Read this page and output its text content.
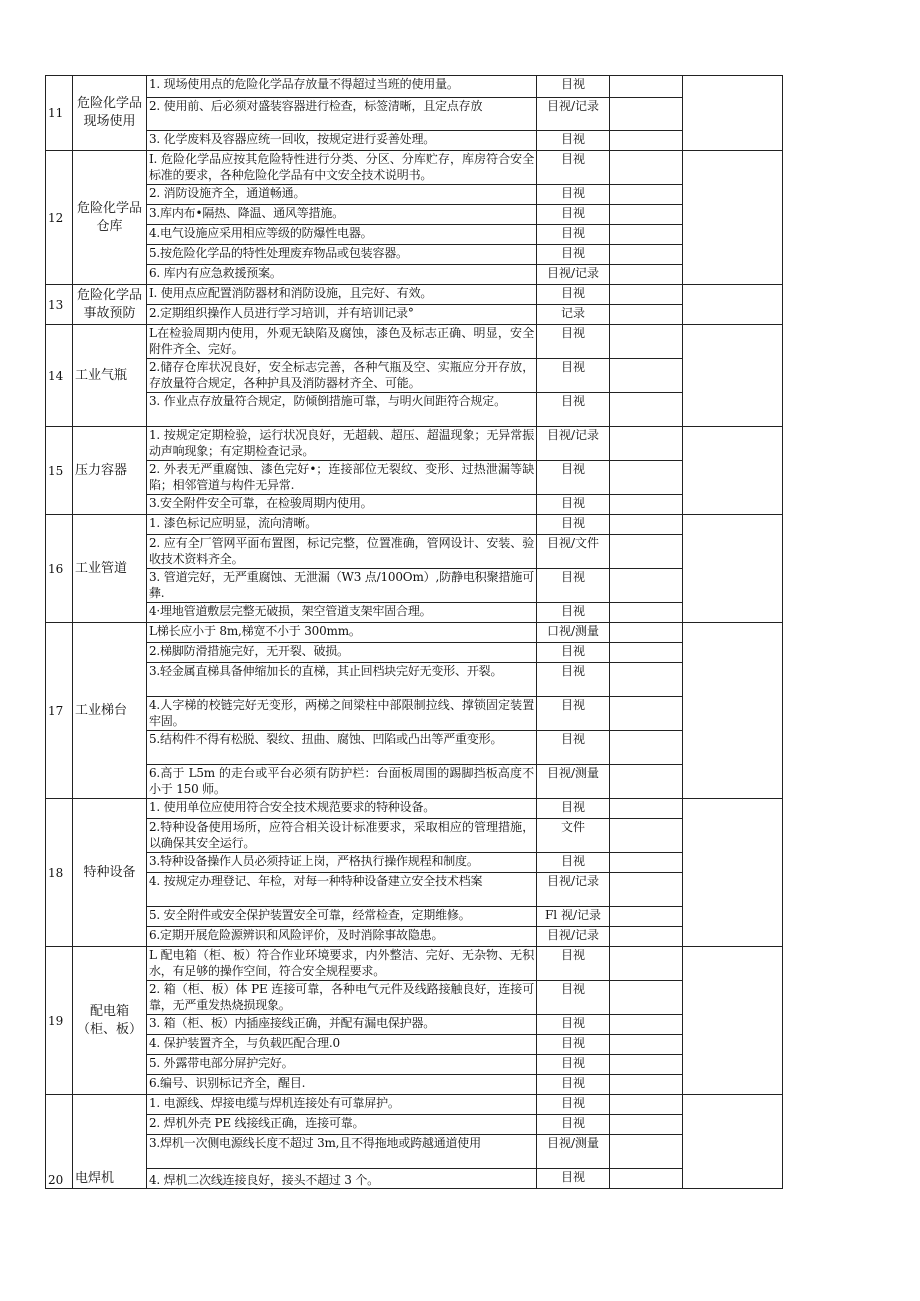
11	危险化学品现场使用	1. 现场使用点的危险化学品存放量不得超过当班的使用量。	目视		
		2. 使用前、后必须对盛装容器进行检查，标签清晰，且定点存放	目视/记录		
		3. 化学废料及容器应统一回收，按规定进行妥善处理。	目视		
12	危险化学品仓库	I. 危险化学品应按其危险特性进行分类、分区、分库贮存，库房符合安全标准的要求，各种危险化学品有中文安全技术说明书。	目视		
		2. 消防设施齐全，通道畅通。	目视		
		3.库内布•隔热、降温、通风等措施。	目视		
		4.电气设施应采用相应等级的防爆性电器。	目视		
		5.按危险化学品的特性处理废弃物品或包装容器。	目视		
		6. 库内有应急救援预案。	目视/记录		
13	危险化学品事故预防	I. 使用点应配置消防器材和消防设施，且完好、有效。	目视		
		2.定期组织操作人员进行学习培训，并有培训记录°	记录		
14	工业气瓶	L在检验周期内使用，外观无缺陷及腐蚀，漆色及标志正确、明显，安全附件齐全、完好。	目视		
		2.储存仓库状况良好，安全标志完善，各种气瓶及空、实瓶应分开存放，存放量符合规定，各种护具及消防器材齐全、可能。	目视		
		3. 作业点存放量符合规定，防倾倒措施可靠，与明火间距符合规定。	目视		
15	压力容器	1. 按规定定期检验，运行状况良好，无超载、超压、超温现象；无异常振动声响现象；有定期检查记录。	目视/记录		
		2. 外表无严重腐蚀、漆色完好•；连接部位无裂纹、变形、过热泄漏等缺陷；相邻管道与构件无异常.	目视		
		3.安全附件安全可靠，在检骏周期内使用。	目视		
16	工业管道	1. 漆色标记应明显，流向清晰。	目视		
		2. 应有全厂管网平面布置图，标记完整，位置准确，管网设计、安装、验收技术资料齐全。	目视/文件		
		3. 管道完好，无严重腐蚀、无泄漏（W3 点/100Om）,防静电积聚措施可彝.	目视		
		4·埋地管道敷层完整无破损，架空管道支架牢固合理。	目视		
17	工业梯台	L梯长应小于 8m,梯宽不小于 300mm。	口视/测量		
		2.梯脚防滑措施完好，无开裂、破损。	目视		
		3.轻金属直梯具备伸缩加长的直梯，其止回档块完好无变形、开裂。	目视		
		4.人字梯的校链完好无变形，两梯之间梁柱中部限制拉线、撑锁固定装置牢固。	目视		
		5.结构件不得有松脱、裂纹、扭曲、腐蚀、凹陷或凸出等严重变形。	目视		
		6.高于 L5m 的走台或平台必须有防护栏：台面板周围的踢脚挡板高度不小于 150 师。	目视/测量		
18	特种设备	1. 使用单位应使用符合安全技术规范要求的特种设备。	目视		
		2.特种设备使用场所，应符合相关设计标准要求，采取相应的管理措施，以确保其安全运行。	文件		
		3.特种设备操作人员必须持证上岗，严格执行操作规程和制度。	目视		
		4. 按规定办理登记、年检，对每一种特种设备建立安全技术档案	目视/记录		
		5. 安全附件或安全保护装置安全可靠，经常检查，定期维修。	Fl 视/记录		
		6.定期开展危险源辨识和风险评价，及时消除事故隐患。	目视/记录		
19	配电箱（柜、板）	L 配电箱（柜、板）符合作业环境要求，内外整洁、完好、无杂物、无积水，有足够的操作空间，符合安全规程要求。	目视		
		2. 箱（柜、板）体 PE 连接可靠，各种电气元件及线路接触良好，连接可靠，无严重发热烧损现象。	目视		
		3. 箱（柜、板）内插座接线正确，并配有漏电保护器。	目视		
		4. 保护装置齐全，与负载匹配合理.0	目视		
		5. 外露带电部分屏护完好。	目视		
		6.编号、识别标记齐全，醒目.	目视		
20	电焊机	1. 电源线、焊接电缆与焊机连接处有可靠屏护。	目视		
		2. 焊机外壳 PE 线接线正确，连接可靠。	目视		
		3.焊机一次侧电源线长度不超过 3m,且不得拖地或跨越通道使用	目视/测量		
		4. 焊机二次线连接良好，接头不超过 3 个。	目视		
